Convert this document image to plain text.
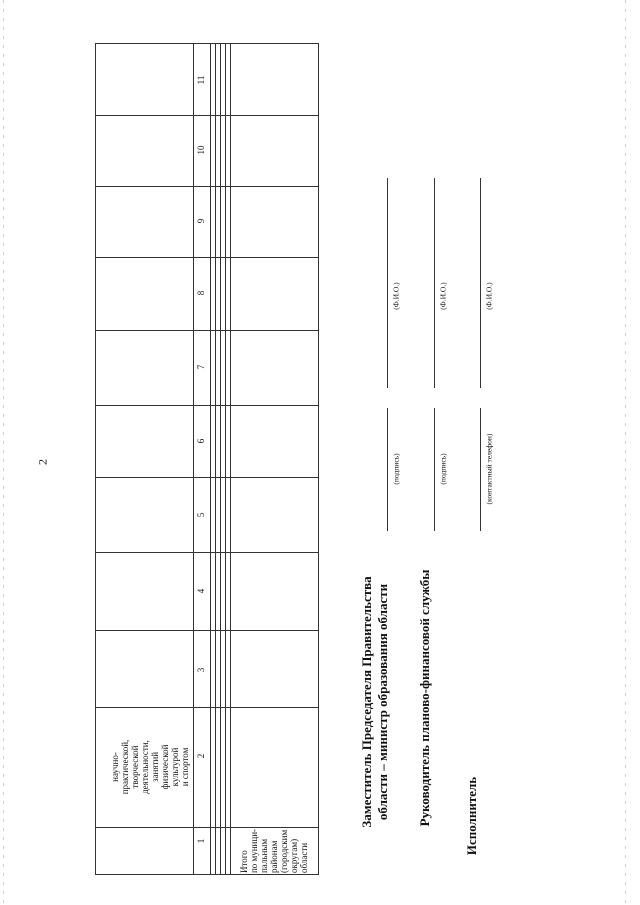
2
научно-
практической,
творческой
деятельности,
занятий
физической
культурой
и спортом
1
2
3
4
5
6
7
8
9
10
11
Итого
по муници-
пальным
районам
(городским
округам)
области
Заместитель Председателя Правительства области – министр образования области
(подпись)
(Ф.И.О.)
Руководитель планово-финансовой службы
(подпись)
(Ф.И.О.)
Исполнитель
(контактный телефон)
(Ф.И.О.)
